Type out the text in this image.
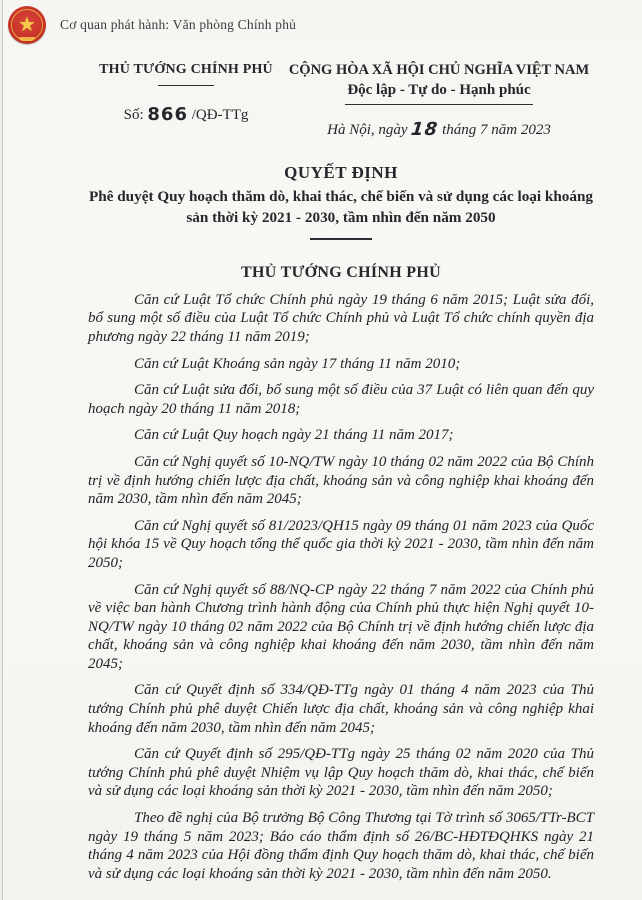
★ Cơ quan phát hành: Văn phòng Chính phủ
THỦ TƯỚNG CHÍNH PHỦ
Số: 866 /QĐ-TTg
CỘNG HÒA XÃ HỘI CHỦ NGHĨA VIỆT NAM
Độc lập - Tự do - Hạnh phúc
Hà Nội, ngày 18 tháng 7 năm 2023
QUYẾT ĐỊNH
Phê duyệt Quy hoạch thăm dò, khai thác, chế biến và sử dụng các loại khoáng sản thời kỳ 2021 - 2030, tầm nhìn đến năm 2050
THỦ TƯỚNG CHÍNH PHỦ

Căn cứ Luật Tổ chức Chính phủ ngày 19 tháng 6 năm 2015; Luật sửa đổi, bổ sung một số điều của Luật Tổ chức Chính phủ và Luật Tổ chức chính quyền địa phương ngày 22 tháng 11 năm 2019;

Căn cứ Luật Khoáng sản ngày 17 tháng 11 năm 2010;

Căn cứ Luật sửa đổi, bổ sung một số điều của 37 Luật có liên quan đến quy hoạch ngày 20 tháng 11 năm 2018;

Căn cứ Luật Quy hoạch ngày 21 tháng 11 năm 2017;

Căn cứ Nghị quyết số 10-NQ/TW ngày 10 tháng 02 năm 2022 của Bộ Chính trị về định hướng chiến lược địa chất, khoáng sản và công nghiệp khai khoáng đến năm 2030, tầm nhìn đến năm 2045;

Căn cứ Nghị quyết số 81/2023/QH15 ngày 09 tháng 01 năm 2023 của Quốc hội khóa 15 về Quy hoạch tổng thể quốc gia thời kỳ 2021 - 2030, tầm nhìn đến năm 2050;

Căn cứ Nghị quyết số 88/NQ-CP ngày 22 tháng 7 năm 2022 của Chính phủ về việc ban hành Chương trình hành động của Chính phủ thực hiện Nghị quyết 10-NQ/TW ngày 10 tháng 02 năm 2022 của Bộ Chính trị về định hướng chiến lược địa chất, khoáng sản và công nghiệp khai khoáng đến năm 2030, tầm nhìn đến năm 2045;

Căn cứ Quyết định số 334/QĐ-TTg ngày 01 tháng 4 năm 2023 của Thủ tướng Chính phủ phê duyệt Chiến lược địa chất, khoáng sản và công nghiệp khai khoáng đến năm 2030, tầm nhìn đến năm 2045;

Căn cứ Quyết định số 295/QĐ-TTg ngày 25 tháng 02 năm 2020 của Thủ tướng Chính phủ phê duyệt Nhiệm vụ lập Quy hoạch thăm dò, khai thác, chế biến và sử dụng các loại khoáng sản thời kỳ 2021 - 2030, tầm nhìn đến năm 2050;

Theo đề nghị của Bộ trưởng Bộ Công Thương tại Tờ trình số 3065/TTr-BCT ngày 19 tháng 5 năm 2023; Báo cáo thẩm định số 26/BC-HĐTĐQHKS ngày 21 tháng 4 năm 2023 của Hội đồng thẩm định Quy hoạch thăm dò, khai thác, chế biến và sử dụng các loại khoáng sản thời kỳ 2021 - 2030, tầm nhìn đến năm 2050.
